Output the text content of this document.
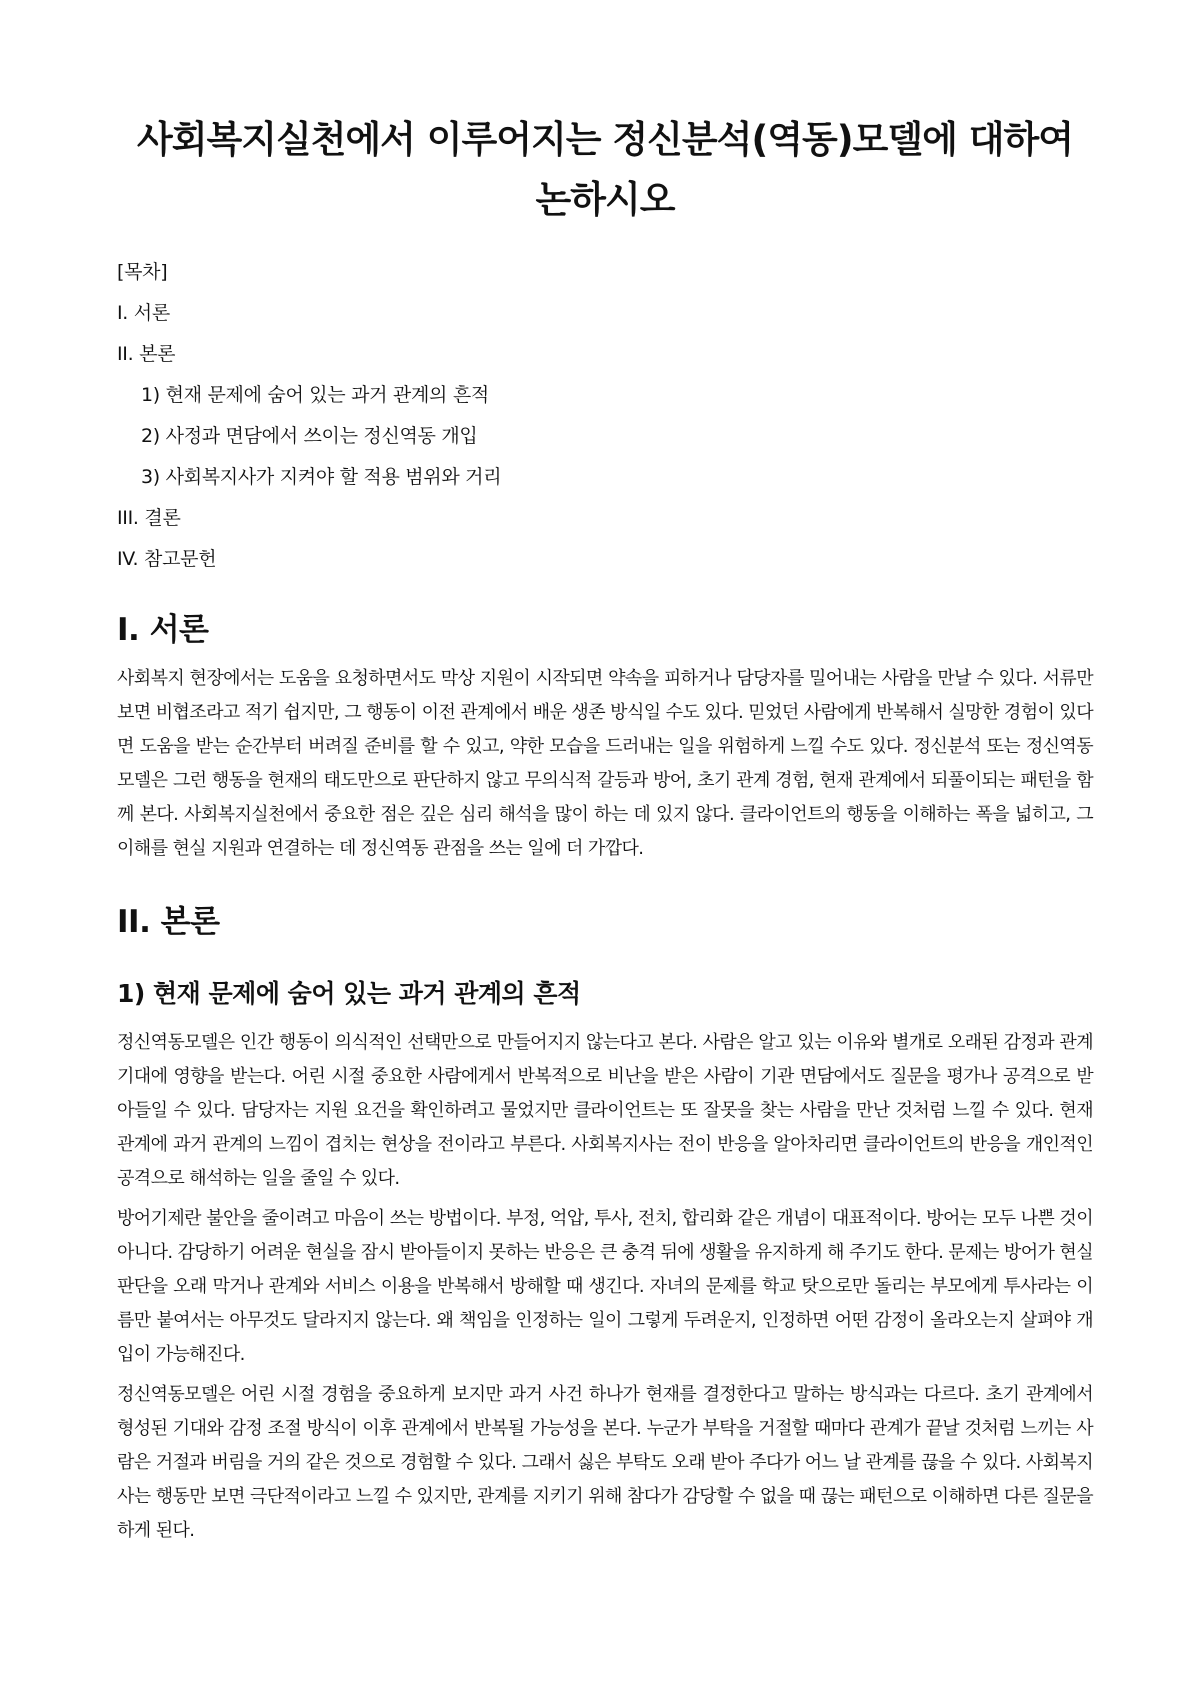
사회복지실천에서 이루어지는 정신분석(역동)모델에 대하여 논하시오
[목차]
I. 서론
II. 본론
1) 현재 문제에 숨어 있는 과거 관계의 흔적
2) 사정과 면담에서 쓰이는 정신역동 개입
3) 사회복지사가 지켜야 할 적용 범위와 거리
III. 결론
IV. 참고문헌
I. 서론

사회복지 현장에서는 도움을 요청하면서도 막상 지원이 시작되면 약속을 피하거나 담당자를 밀어내는 사람을 만날 수 있다. 서류만 보면 비협조라고 적기 쉽지만, 그 행동이 이전 관계에서 배운 생존 방식일 수도 있다. 믿었던 사람에게 반복해서 실망한 경험이 있다면 도움을 받는 순간부터 버려질 준비를 할 수 있고, 약한 모습을 드러내는 일을 위험하게 느낄 수도 있다. 정신분석 또는 정신역동모델은 그런 행동을 현재의 태도만으로 판단하지 않고 무의식적 갈등과 방어, 초기 관계 경험, 현재 관계에서 되풀이되는 패턴을 함께 본다. 사회복지실천에서 중요한 점은 깊은 심리 해석을 많이 하는 데 있지 않다. 클라이언트의 행동을 이해하는 폭을 넓히고, 그 이해를 현실 지원과 연결하는 데 정신역동 관점을 쓰는 일에 더 가깝다.

II. 본론
1) 현재 문제에 숨어 있는 과거 관계의 흔적

정신역동모델은 인간 행동이 의식적인 선택만으로 만들어지지 않는다고 본다. 사람은 알고 있는 이유와 별개로 오래된 감정과 관계 기대에 영향을 받는다. 어린 시절 중요한 사람에게서 반복적으로 비난을 받은 사람이 기관 면담에서도 질문을 평가나 공격으로 받아들일 수 있다. 담당자는 지원 요건을 확인하려고 물었지만 클라이언트는 또 잘못을 찾는 사람을 만난 것처럼 느낄 수 있다. 현재 관계에 과거 관계의 느낌이 겹치는 현상을 전이라고 부른다. 사회복지사는 전이 반응을 알아차리면 클라이언트의 반응을 개인적인 공격으로 해석하는 일을 줄일 수 있다.

방어기제란 불안을 줄이려고 마음이 쓰는 방법이다. 부정, 억압, 투사, 전치, 합리화 같은 개념이 대표적이다. 방어는 모두 나쁜 것이 아니다. 감당하기 어려운 현실을 잠시 받아들이지 못하는 반응은 큰 충격 뒤에 생활을 유지하게 해 주기도 한다. 문제는 방어가 현실 판단을 오래 막거나 관계와 서비스 이용을 반복해서 방해할 때 생긴다. 자녀의 문제를 학교 탓으로만 돌리는 부모에게 투사라는 이름만 붙여서는 아무것도 달라지지 않는다. 왜 책임을 인정하는 일이 그렇게 두려운지, 인정하면 어떤 감정이 올라오는지 살펴야 개입이 가능해진다.

정신역동모델은 어린 시절 경험을 중요하게 보지만 과거 사건 하나가 현재를 결정한다고 말하는 방식과는 다르다. 초기 관계에서 형성된 기대와 감정 조절 방식이 이후 관계에서 반복될 가능성을 본다. 누군가 부탁을 거절할 때마다 관계가 끝날 것처럼 느끼는 사람은 거절과 버림을 거의 같은 것으로 경험할 수 있다. 그래서 싫은 부탁도 오래 받아 주다가 어느 날 관계를 끊을 수 있다. 사회복지사는 행동만 보면 극단적이라고 느낄 수 있지만, 관계를 지키기 위해 참다가 감당할 수 없을 때 끊는 패턴으로 이해하면 다른 질문을 하게 된다.
